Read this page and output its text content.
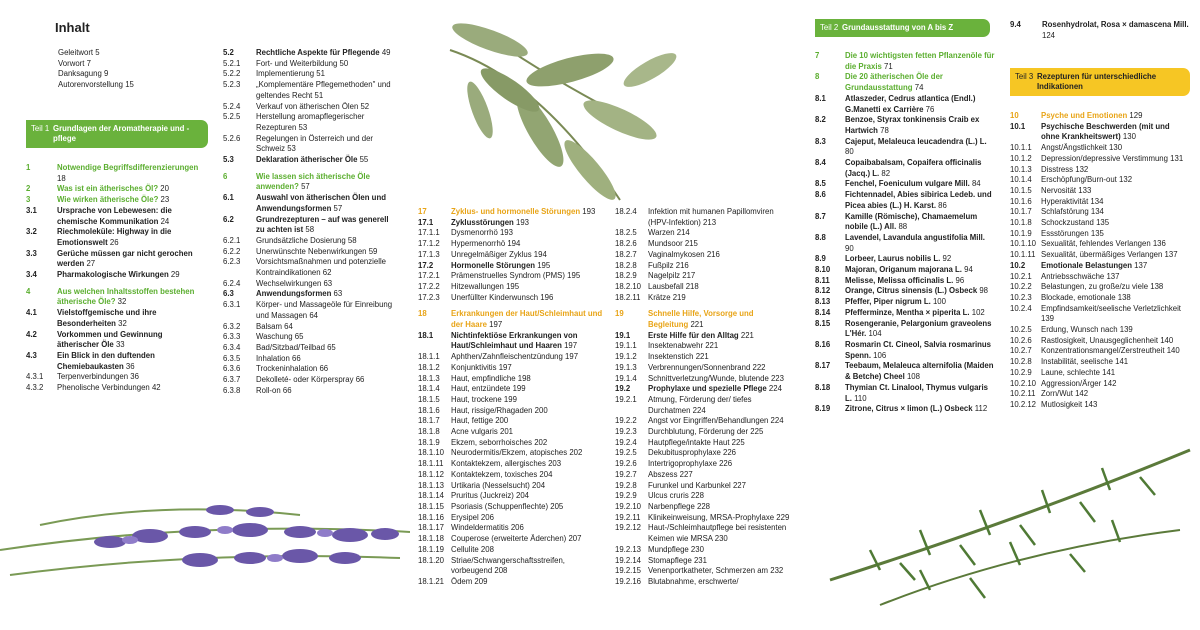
Inhalt
Geleitwort 5
Vorwort 7
Danksagung 9
Autorenvorstellung 15
Teil 1 Grundlagen der Aromatherapie und -pflege
1	Notwendige Begriffsdifferenzierungen 18
2	Was ist ein ätherisches Öl? 20
3	Wie wirken ätherische Öle? 23
3.1	Ursprache von Lebewesen: die chemische Kommunikation 24
3.2	Riechmoleküle: Highway in die Emotionswelt 26
3.3	Gerüche müssen gar nicht gerochen werden 27
3.4	Pharmakologische Wirkungen 29
4	Aus welchen Inhaltsstoffen bestehen ätherische Öle? 32
4.1	Vielstoffgemische und ihre Besonderheiten 32
4.2	Vorkommen und Gewinnung ätherischer Öle 33
4.3	Ein Blick in den duftenden Chemiebaukasten 36
4.3.1	Terpenverbindungen 36
4.3.2	Phenolische Verbindungen 42
5.2	Rechtliche Aspekte für Pflegende 49
5.2.1	Fort- und Weiterbildung 50
5.2.2	Implementierung 51
5.2.3	„Komplementäre Pflegemethoden" und geltendes Recht 51
5.2.4	Verkauf von ätherischen Ölen 52
5.2.5	Herstellung aromapflegerischer Rezepturen 53
5.2.6	Regelungen in Österreich und der Schweiz 53
5.3	Deklaration ätherischer Öle 55
6	Wie lassen sich ätherische Öle anwenden? 57
6.1	Auswahl von ätherischen Ölen und Anwendungsformen 57
6.2	Grundrezepturen – auf was generell zu achten ist 58
6.2.1	Grundsätzliche Dosierung 58
6.2.2	Unerwünschte Nebenwirkungen 59
6.2.3	Vorsichtsmaßnahmen und potenzielle Kontraindikationen 62
6.2.4	Wechselwirkungen 63
6.3	Anwendungsformen 63
6.3.1	Körper- und Massageöle für Einreibung und Massagen 64
6.3.2	Balsam 64
6.3.3	Waschung 65
6.3.4	Bad/Sitzbad/Teilbad 65
6.3.5	Inhalation 66
6.3.6	Trockeninhalation 66
6.3.7	Dekolleté- oder Körperspray 66
6.3.8	Roll-on 66
17	Zyklus- und hormonelle Störungen 193
17.1	Zyklusstörungen 193
17.1.1	Dysmenorrhö 193
17.1.2	Hypermenorrhö 194
17.1.3	Unregelmäßiger Zyklus 194
17.2	Hormonelle Störungen 195
17.2.1	Prämenstruelles Syndrom (PMS) 195
17.2.2	Hitzewallungen 195
17.2.3	Unerfüllter Kinderwunsch 196
18	Erkrankungen der Haut/Schleimhaut und der Haare 197
18.1	Nichtinfektiöse Erkrankungen von Haut/Schleimhaut und Haaren 197
18.1.1	Aphthen/Zahnfleischentzündung 197
18.1.2	Konjunktivitis 197
18.1.3	Haut, empfindliche 198
18.1.4	Haut, entzündete 199
18.1.5	Haut, trockene 199
18.1.6	Haut, rissige/Rhagaden 200
18.1.7	Haut, fettige 200
18.1.8	Acne vulgaris 201
18.1.9	Ekzem, seborrhoisches 202
18.1.10 Neurodermitis/Ekzem, atopisches 202
18.1.11 Kontaktekzem, allergisches 203
18.1.12 Kontaktekzem, toxisches 204
18.1.13 Urtikaria (Nesselsucht) 204
18.1.14 Pruritus (Juckreiz) 204
18.1.15 Psoriasis (Schuppenflechte) 205
18.1.16 Erysipel 206
18.1.17 Windeldermatitis 206
18.1.18 Couperose (erweiterte Äderchen) 207
18.1.19 Cellulite 208
18.1.20 Striae/Schwangerschaftsstreifen, vorbeugend 208
18.1.21 Ödem 209
18.2.4	Infektion mit humanen Papillomviren (HPV-Infektion) 213
18.2.5	Warzen 214
18.2.6	Mundsoor 215
18.2.7	Vaginalmykosen 216
18.2.8	Fußpilz 216
18.2.9	Nagelpilz 217
18.2.10 Lausbefall 218
18.2.11 Krätze 219
19	Schnelle Hilfe, Vorsorge und Begleitung 221
19.1	Erste Hilfe für den Alltag 221
19.1.1	Insektenabwehr 221
19.1.2	Insektenstich 221
19.1.3	Verbrennungen/Sonnenbrand 222
19.1.4	Schnittverletzung/Wunde, blutende 223
19.2	Prophylaxe und spezielle Pflege 224
19.2.1	Atmung, Förderung der/ tiefes Durchatmen 224
19.2.2	Angst vor Eingriffen/Behandlungen 224
19.2.3	Durchblutung, Förderung der 225
19.2.4	Hautpflege/intakte Haut 225
19.2.5	Dekubitusprophylaxe 226
19.2.6	Intertrigoprophylaxe 226
19.2.7	Abszess 227
19.2.8	Furunkel und Karbunkel 227
19.2.9	Ulcus cruris 228
19.2.10 Narbenpflege 228
19.2.11 Klinikeinweisung, MRSA-Prophylaxe 229
19.2.12 Haut-/Schleimhautpflege bei resistenten Keimen wie MRSA 230
19.2.13 Mundpflege 230
19.2.14 Stomapflege 231
19.2.15 Venenportkatheter, Schmerzen am 232
19.2.16 Blutabnahme, erschwerte/
Teil 2 Grundausstattung von A bis Z
7	Die 10 wichtigsten fetten Pflanzenöle für die Praxis 71
8	Die 20 ätherischen Öle der Grundausstattung 74
8.1	Atlaszeder, Cedrus atlantica (Endl.) G.Manetti ex Carrière 76
8.2	Benzoe, Styrax tonkinensis Craib ex Hartwich 78
8.3	Cajeput, Melaleuca leucadendra (L.) L. 80
8.4	Copaibabalsam, Copaifera officinalis (Jacq.) L. 82
8.5	Fenchel, Foeniculum vulgare Mill. 84
8.6	Fichtennadel, Abies sibirica Ledeb. und Picea abies (L.) H. Karst. 86
8.7	Kamille (Römische), Chamaemelum nobile (L.) All. 88
8.8	Lavendel, Lavandula angustifolia Mill. 90
8.9	Lorbeer, Laurus nobilis L. 92
8.10	Majoran, Origanum majorana L. 94
8.11	Melisse, Melissa officinalis L. 96
8.12	Orange, Citrus sinensis (L.) Osbeck 98
8.13	Pfeffer, Piper nigrum L. 100
8.14	Pfefferminze, Mentha × piperita L. 102
8.15	Rosengeranie, Pelargonium graveolens L'Hér. 104
8.16	Rosmarin Ct. Cineol, Salvia rosmarinus Spenn. 106
8.17	Teebaum, Melaleuca alternifolia (Maiden & Betche) Cheel 108
8.18	Thymian Ct. Linalool, Thymus vulgaris L. 110
8.19	Zitrone, Citrus × limon (L.) Osbeck 112
9.4	Rosenhydrolat, Rosa × damascena Mill. 124
Teil 3 Rezepturen für unterschiedliche Indikationen
10	Psyche und Emotionen 129
10.1	Psychische Beschwerden (mit und ohne Krankheitswert) 130
10.1.1	Angst/Ängstlichkeit 130
10.1.2	Depression/depressive Verstimmung 131
10.1.3	Disstress 132
10.1.4	Erschöpfung/Burn-out 132
10.1.5	Nervosität 133
10.1.6	Hyperaktivität 134
10.1.7	Schlafstörung 134
10.1.8	Schockzustand 135
10.1.9	Essstörungen 135
10.1.10 Sexualität, fehlendes Verlangen 136
10.1.11 Sexualität, übermäßiges Verlangen 137
10.2	Emotionale Belastungen 137
10.2.1	Antriebsschwäche 137
10.2.2	Belastungen, zu große/zu viele 138
10.2.3	Blockade, emotionale 138
10.2.4	Empfindsamkeit/seelische Verletzlichkeit 139
10.2.5	Erdung, Wunsch nach 139
10.2.6	Rastlosigkeit, Unausgeglichenheit 140
10.2.7	Konzentrationsmangel/Zerstreutheit 140
10.2.8	Instabilität, seelische 141
10.2.9	Laune, schlechte 141
10.2.10 Aggression/Ärger 142
10.2.11 Zorn/Wut 142
10.2.12 Mutlosigkeit 143
